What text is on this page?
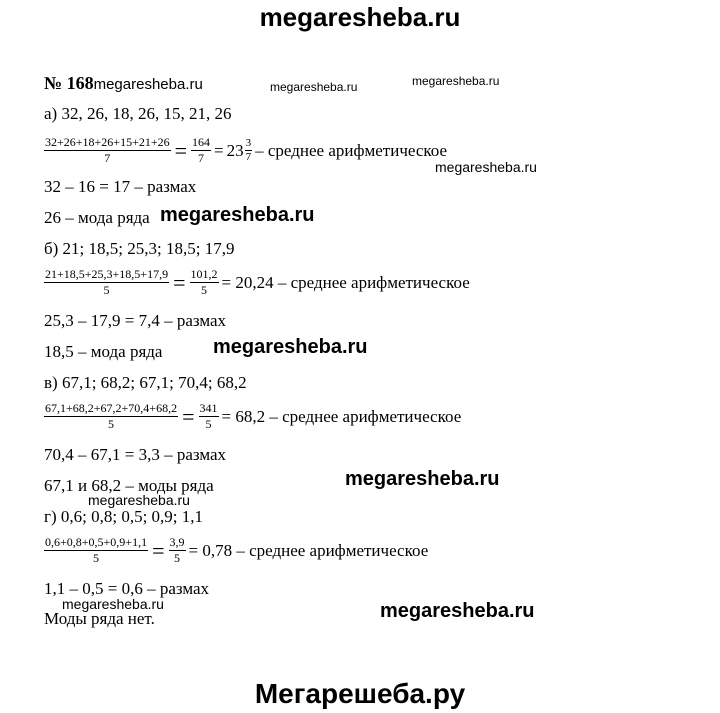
megaresheba.ru
№ 168megaresheba.ru	megaresheba.ru	megaresheba.ru
а) 32, 26, 18, 26, 15, 21, 26
$\frac{32+26+18+26+15+21+26}{7} = \frac{164}{7} = 23 \frac{3}{7}$ – среднее арифметическое
megaresheba.ru
32 – 16 = 17 – размах
26 – мода ряда megaresheba.ru
б) 21; 18,5; 25,3; 18,5; 17,9
$\frac{21+18,5+25,3+18,5+17,9}{5} = \frac{101,2}{5} = 20,24$ – среднее арифметическое
25,3 – 17,9 = 7,4 – размах
18,5 – мода ряда	megaresheba.ru
в) 67,1; 68,2; 67,1; 70,4; 68,2
$\frac{67,1+68,2+67,2+70,4+68,2}{5} = \frac{341}{5} = 68,2$ – среднее арифметическое
70,4 – 67,1 = 3,3 – размах
67,1 и 68,2 – моды ряда	megaresheba.ru
megaresheba.ru
г) 0,6; 0,8; 0,5; 0,9; 1,1
$\frac{0,6+0,8+0,5+0,9+1,1}{5} = \frac{3,9}{5} = 0,78$ – среднее арифметическое
1,1 – 0,5 = 0,6 – размах
megaresheba.ru
Моды ряда нет.	megaresheba.ru
Мегарешеба.ру
